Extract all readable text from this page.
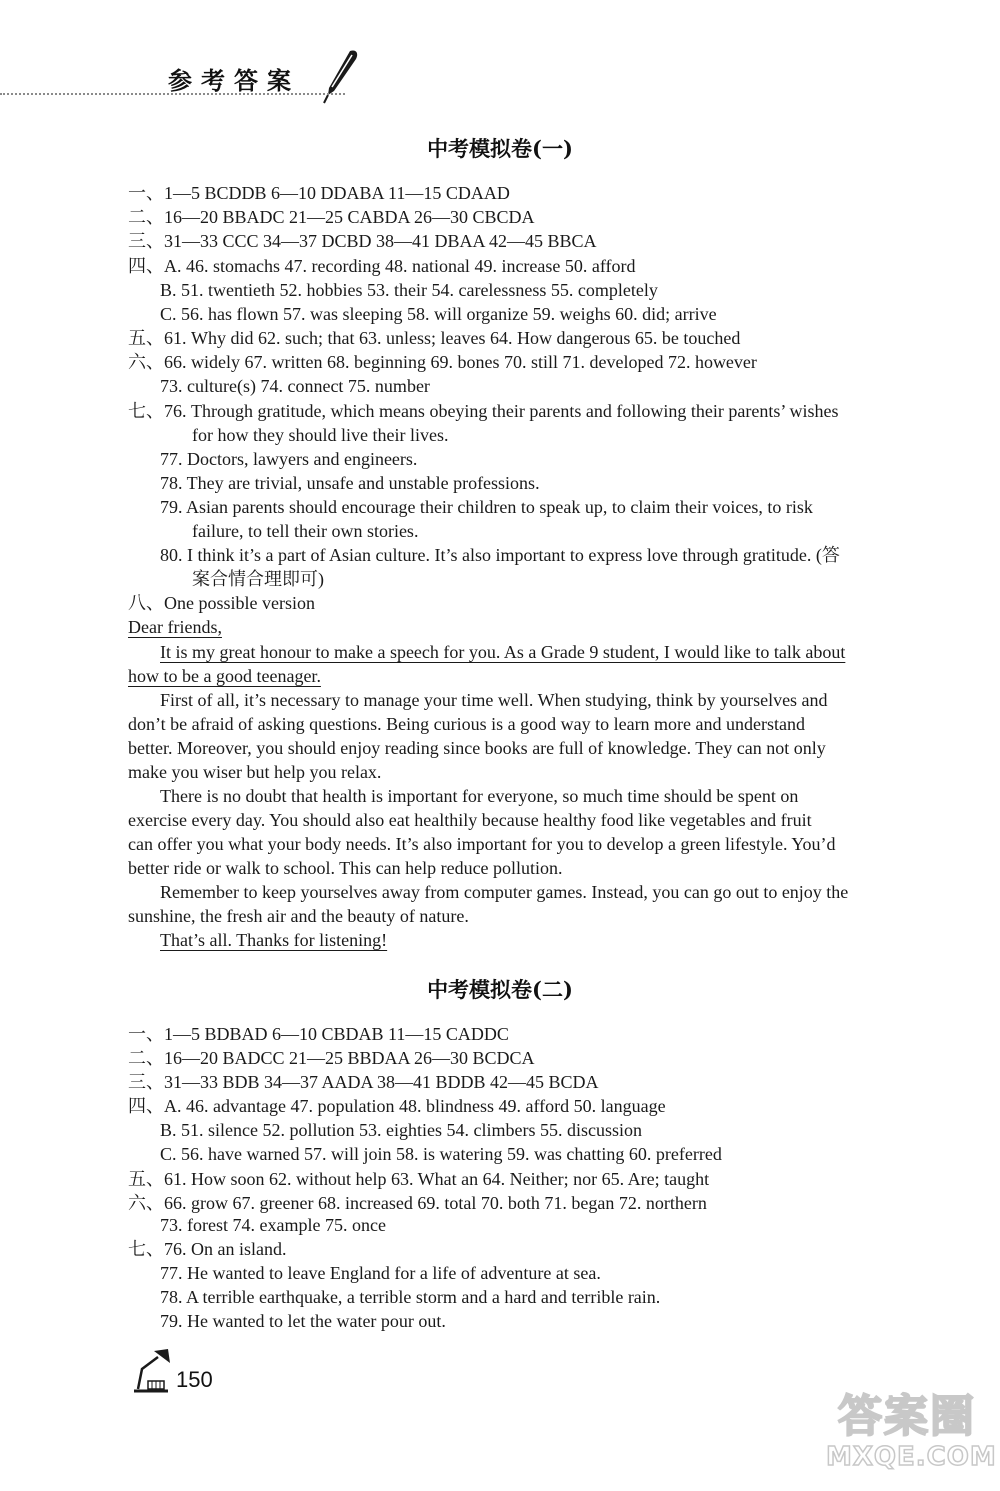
参考答案
中考模拟卷(一)
一、1—5 BCDDB 6—10 DDABA 11—15 CDAAD
二、16—20 BBADC 21—25 CABDA 26—30 CBCDA
三、31—33 CCC 34—37 DCBD 38—41 DBAA 42—45 BBCA
四、A. 46. stomachs 47. recording 48. national 49. increase 50. afford
B. 51. twentieth 52. hobbies 53. their 54. carelessness 55. completely
C. 56. has flown 57. was sleeping 58. will organize 59. weighs 60. did; arrive
五、61. Why did 62. such; that 63. unless; leaves 64. How dangerous 65. be touched
六、66. widely 67. written 68. beginning 69. bones 70. still 71. developed 72. however
73. culture(s) 74. connect 75. number
七、76. Through gratitude, which means obeying their parents and following their parents’ wishes
for how they should live their lives.
77. Doctors, lawyers and engineers.
78. They are trivial, unsafe and unstable professions.
79. Asian parents should encourage their children to speak up, to claim their voices, to risk
failure, to tell their own stories.
80. I think it’s a part of Asian culture. It’s also important to express love through gratitude. (答
案合情合理即可)
八、One possible version
Dear friends,
It is my great honour to make a speech for you. As a Grade 9 student, I would like to talk about
how to be a good teenager.
First of all, it’s necessary to manage your time well. When studying, think by yourselves and
don’t be afraid of asking questions. Being curious is a good way to learn more and understand
better. Moreover, you should enjoy reading since books are full of knowledge. They can not only
make you wiser but help you relax.
There is no doubt that health is important for everyone, so much time should be spent on
exercise every day. You should also eat healthily because healthy food like vegetables and fruit
can offer you what your body needs. It’s also important for you to develop a green lifestyle. You’d
better ride or walk to school. This can help reduce pollution.
Remember to keep yourselves away from computer games. Instead, you can go out to enjoy the
sunshine, the fresh air and the beauty of nature.
That’s all. Thanks for listening!
中考模拟卷(二)
一、1—5 BDBAD 6—10 CBDAB 11—15 CADDC
二、16—20 BADCC 21—25 BBDAA 26—30 BCDCA
三、31—33 BDB 34—37 AADA 38—41 BDDB 42—45 BCDA
四、A. 46. advantage 47. population 48. blindness 49. afford 50. language
B. 51. silence 52. pollution 53. eighties 54. climbers 55. discussion
C. 56. have warned 57. will join 58. is watering 59. was chatting 60. preferred
五、61. How soon 62. without help 63. What an 64. Neither; nor 65. Are; taught
六、66. grow 67. greener 68. increased 69. total 70. both 71. began 72. northern
73. forest 74. example 75. once
七、76. On an island.
77. He wanted to leave England for a life of adventure at sea.
78. A terrible earthquake, a terrible storm and a hard and terrible rain.
79. He wanted to let the water pour out.
150
答案圈
MXQE.COM
